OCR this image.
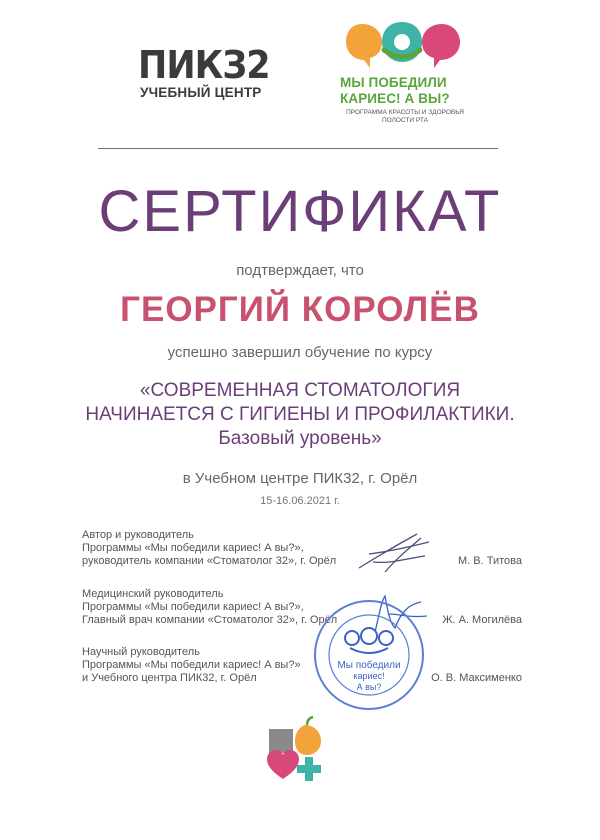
ПИКЗ2
УЧЕБНЫЙ ЦЕНТР
МЫ ПОБЕДИЛИ
КАРИЕС! А ВЫ?
ПРОГРАММА КРАСОТЫ И ЗДОРОВЬЯ ПОЛОСТИ РТА
СЕРТИФИКАТ
подтверждает, что
ГЕОРГИЙ КОРОЛЁВ
успешно завершил обучение по курсу
«СОВРЕМЕННАЯ СТОМАТОЛОГИЯ
НАЧИНАЕТСЯ С ГИГИЕНЫ И ПРОФИЛАКТИКИ.
Базовый уровень»
в Учебном центре ПИК32, г. Орёл
15-16.06.2021 г.
Автор и руководитель
Программы «Мы победили кариес! А вы?»,
руководитель компании «Стоматолог 32», г. Орёл	М. В. Титова
Медицинский руководитель
Программы «Мы победили кариес! А вы?»,
Главный врач компании «Стоматолог 32», г. Орёл	Ж. А. Могилёва
Научный руководитель
Программы «Мы победили кариес! А вы?»
и Учебного центра ПИК32, г. Орёл	О. В. Максименко
Мы победили
кариес!
А вы?
